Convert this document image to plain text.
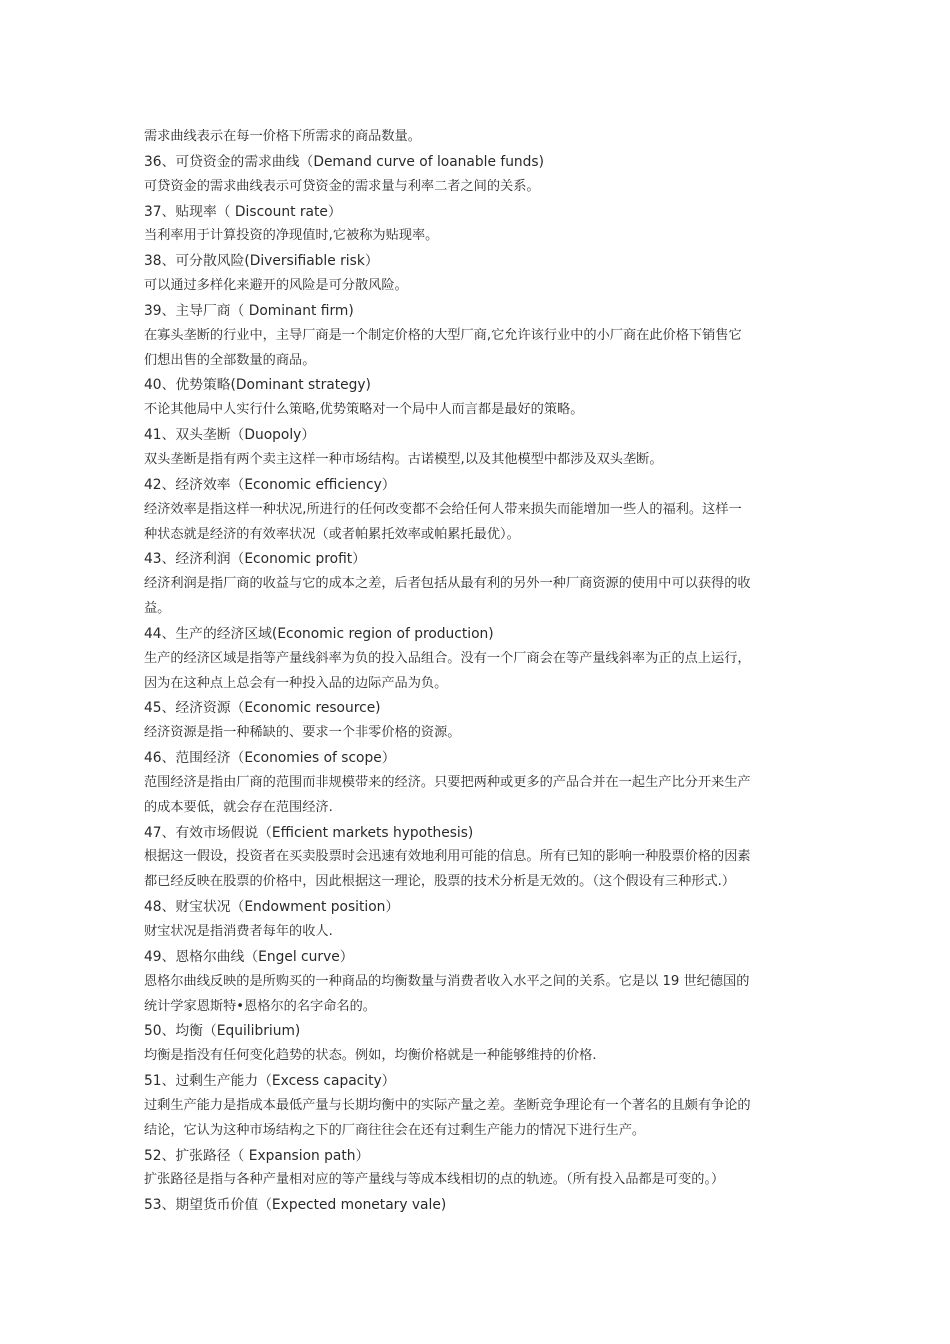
需求曲线表示在每一价格下所需求的商品数量。
36、可贷资金的需求曲线（Demand curve of loanable funds)
可贷资金的需求曲线表示可贷资金的需求量与利率二者之间的关系。
37、贴现率（ Discount rate）
当利率用于计算投资的净现值时,它被称为贴现率。
38、可分散风险(Diversifiable risk）
可以通过多样化来避开的风险是可分散风险。
39、主导厂商（ Dominant firm)
在寡头垄断的行业中，主导厂商是一个制定价格的大型厂商,它允许该行业中的小厂商在此价格下销售它
们想出售的全部数量的商品。
40、优势策略(Dominant strategy)
不论其他局中人实行什么策略,优势策略对一个局中人而言都是最好的策略。
41、双头垄断（Duopoly）
双头垄断是指有两个卖主这样一种市场结构。古诺模型,以及其他模型中都涉及双头垄断。
42、经济效率（Economic efficiency）
经济效率是指这样一种状况,所进行的任何改变都不会给任何人带来损失而能增加一些人的福利。这样一
种状态就是经济的有效率状况（或者帕累托效率或帕累托最优）。
43、经济利润（Economic profit）
经济利润是指厂商的收益与它的成本之差，后者包括从最有利的另外一种厂商资源的使用中可以获得的收
益。
44、生产的经济区域(Economic region of production)
生产的经济区域是指等产量线斜率为负的投入品组合。没有一个厂商会在等产量线斜率为正的点上运行，
因为在这种点上总会有一种投入品的边际产品为负。
45、经济资源（Economic resource)
经济资源是指一种稀缺的、要求一个非零价格的资源。
46、范围经济（Economies of scope）
范围经济是指由厂商的范围而非规模带来的经济。只要把两种或更多的产品合并在一起生产比分开来生产
的成本要低，就会存在范围经济.
47、有效市场假说（Efficient markets hypothesis)
根据这一假设，投资者在买卖股票时会迅速有效地利用可能的信息。所有已知的影响一种股票价格的因素
都已经反映在股票的价格中，因此根据这一理论，股票的技术分析是无效的。（这个假设有三种形式.）
48、财宝状况（Endowment position）
财宝状况是指消费者每年的收人.
49、恩格尔曲线（Engel curve）
恩格尔曲线反映的是所购买的一种商品的均衡数量与消费者收入水平之间的关系。它是以 19 世纪德国的
统计学家恩斯特•恩格尔的名字命名的。
50、均衡（Equilibrium)
均衡是指没有任何变化趋势的状态。例如，均衡价格就是一种能够维持的价格.
51、过剩生产能力（Excess capacity）
过剩生产能力是指成本最低产量与长期均衡中的实际产量之差。垄断竞争理论有一个著名的且颇有争论的
结论，它认为这种市场结构之下的厂商往往会在还有过剩生产能力的情况下进行生产。
52、扩张路径（ Expansion path）
扩张路径是指与各种产量相对应的等产量线与等成本线相切的点的轨迹。（所有投入品都是可变的。）
53、期望货币价值（Expected monetary vale)
